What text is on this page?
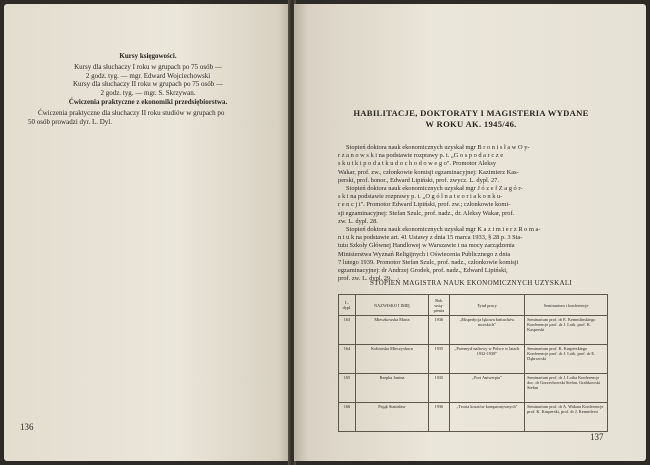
Kursy księgowości.
Kursy dla słuchaczy I roku w grupach po 75 osób —
2 godz. tyg. — mgr. Edward Wojciechowski
Kursy dla słuchaczy II roku w grupach po 75 osób —
2 godz. tyg. — mgr. S. Skrzywan.
Ćwiczenia praktyczne z ekonomiki przedsiębiorstwa.
Ćwiczenia praktyczne dla słuchaczy II roku studiów w grupach po
50 osób prowadzi dyr. L. Dyl.
136
HABILITACJE, DOKTORATY I MAGISTERIA WYDANE
W ROKU AK. 1945/46.
Stopień doktora nauk ekonomicznych uzyskał mgr B r o n i s ł a w O y-
r z a n o w s k i na podstawie rozprawy p. t. „G o s p o d a r c z e
s k u t k i p o d a t k u d o c h o d o w e g o". Promotor Aleksy
Wakar, prof. zw., członkowie komisji egzaminacyjnej: Kazimierz Kas-
perski, prof. honor., Edward Lipiński, prof. zwycz. L. dypl. 27.
Stopień doktora nauk ekonomicznych uzyskał mgr J ó z e f Z a g ó r-
s k i na podstawie rozprawy p. t. „O g ó l n a t e o r i a k o n k u-
r e n c j i". Promotor Edward Lipiński, prof. zw.; członkowie komi-
sji egzaminacyjnej: Stefan Szulc, prof. nadz., dr. Aleksy Wakar, prof.
zw. L. dypl. 28.
Stopień doktora nauk ekonomicznych uzyskał mgr K a z i m i e r z R o m a-
n i u k na podstawie art. 41 Ustawy z dnia 15 marca 1933, § 28 p. 3 Sta-
tutu Szkoły Głównej Handlowej w Warszawie i na mocy zarządzenia
Ministerstwa Wyznań Religijnych i Oświecenia Publicznego z dnia
7 lutego 1939. Promotor Stefan Szulc, prof. nadz., członkowie komisji
egzaminacyjnej: dr Andrzej Grodek, prof. nadz., Edward Lipiński,
prof. zw. L. dypl. 29.
STOPIEŃ MAGISTRA NAUK EKONOMICZNYCH UZYSKALI
L. dypl.	NAZWISKO I IMIĘ	Rok wstą- pienia	Tytuł pracy	Seminarium i konferencje
163	Mieczkowska Maria	1936	„Ekspedycja łąkowa łańcuchów morskich"	Seminarium prof. dr E. Kemmlinskiego Konferencje prof. dr J. Lotk. prof. K. Kasperski
164	Kobiorska Mieczysława	1935	„Przemysł naftowy w Polsce w latach 1932-1938"	Seminarium prof. K. Kasperskiego Konferencje prof. dr J. Lotk. prof. dr E. Dąbrowski
165	Rzepka Janina	1935	„Port Antwerpia"	Seminarium prof. dr J. Lotha Konferencje doc. dr Gorzechowski Stefan. Grabkowski Stefan
166	Pająk Stanisław	1936	„Teoria kosztów komparatywnych"	Seminarium prof. dr A. Wakara Konferencje prof. K. Kasperski, prof. dr J. Kemmlerst
137
